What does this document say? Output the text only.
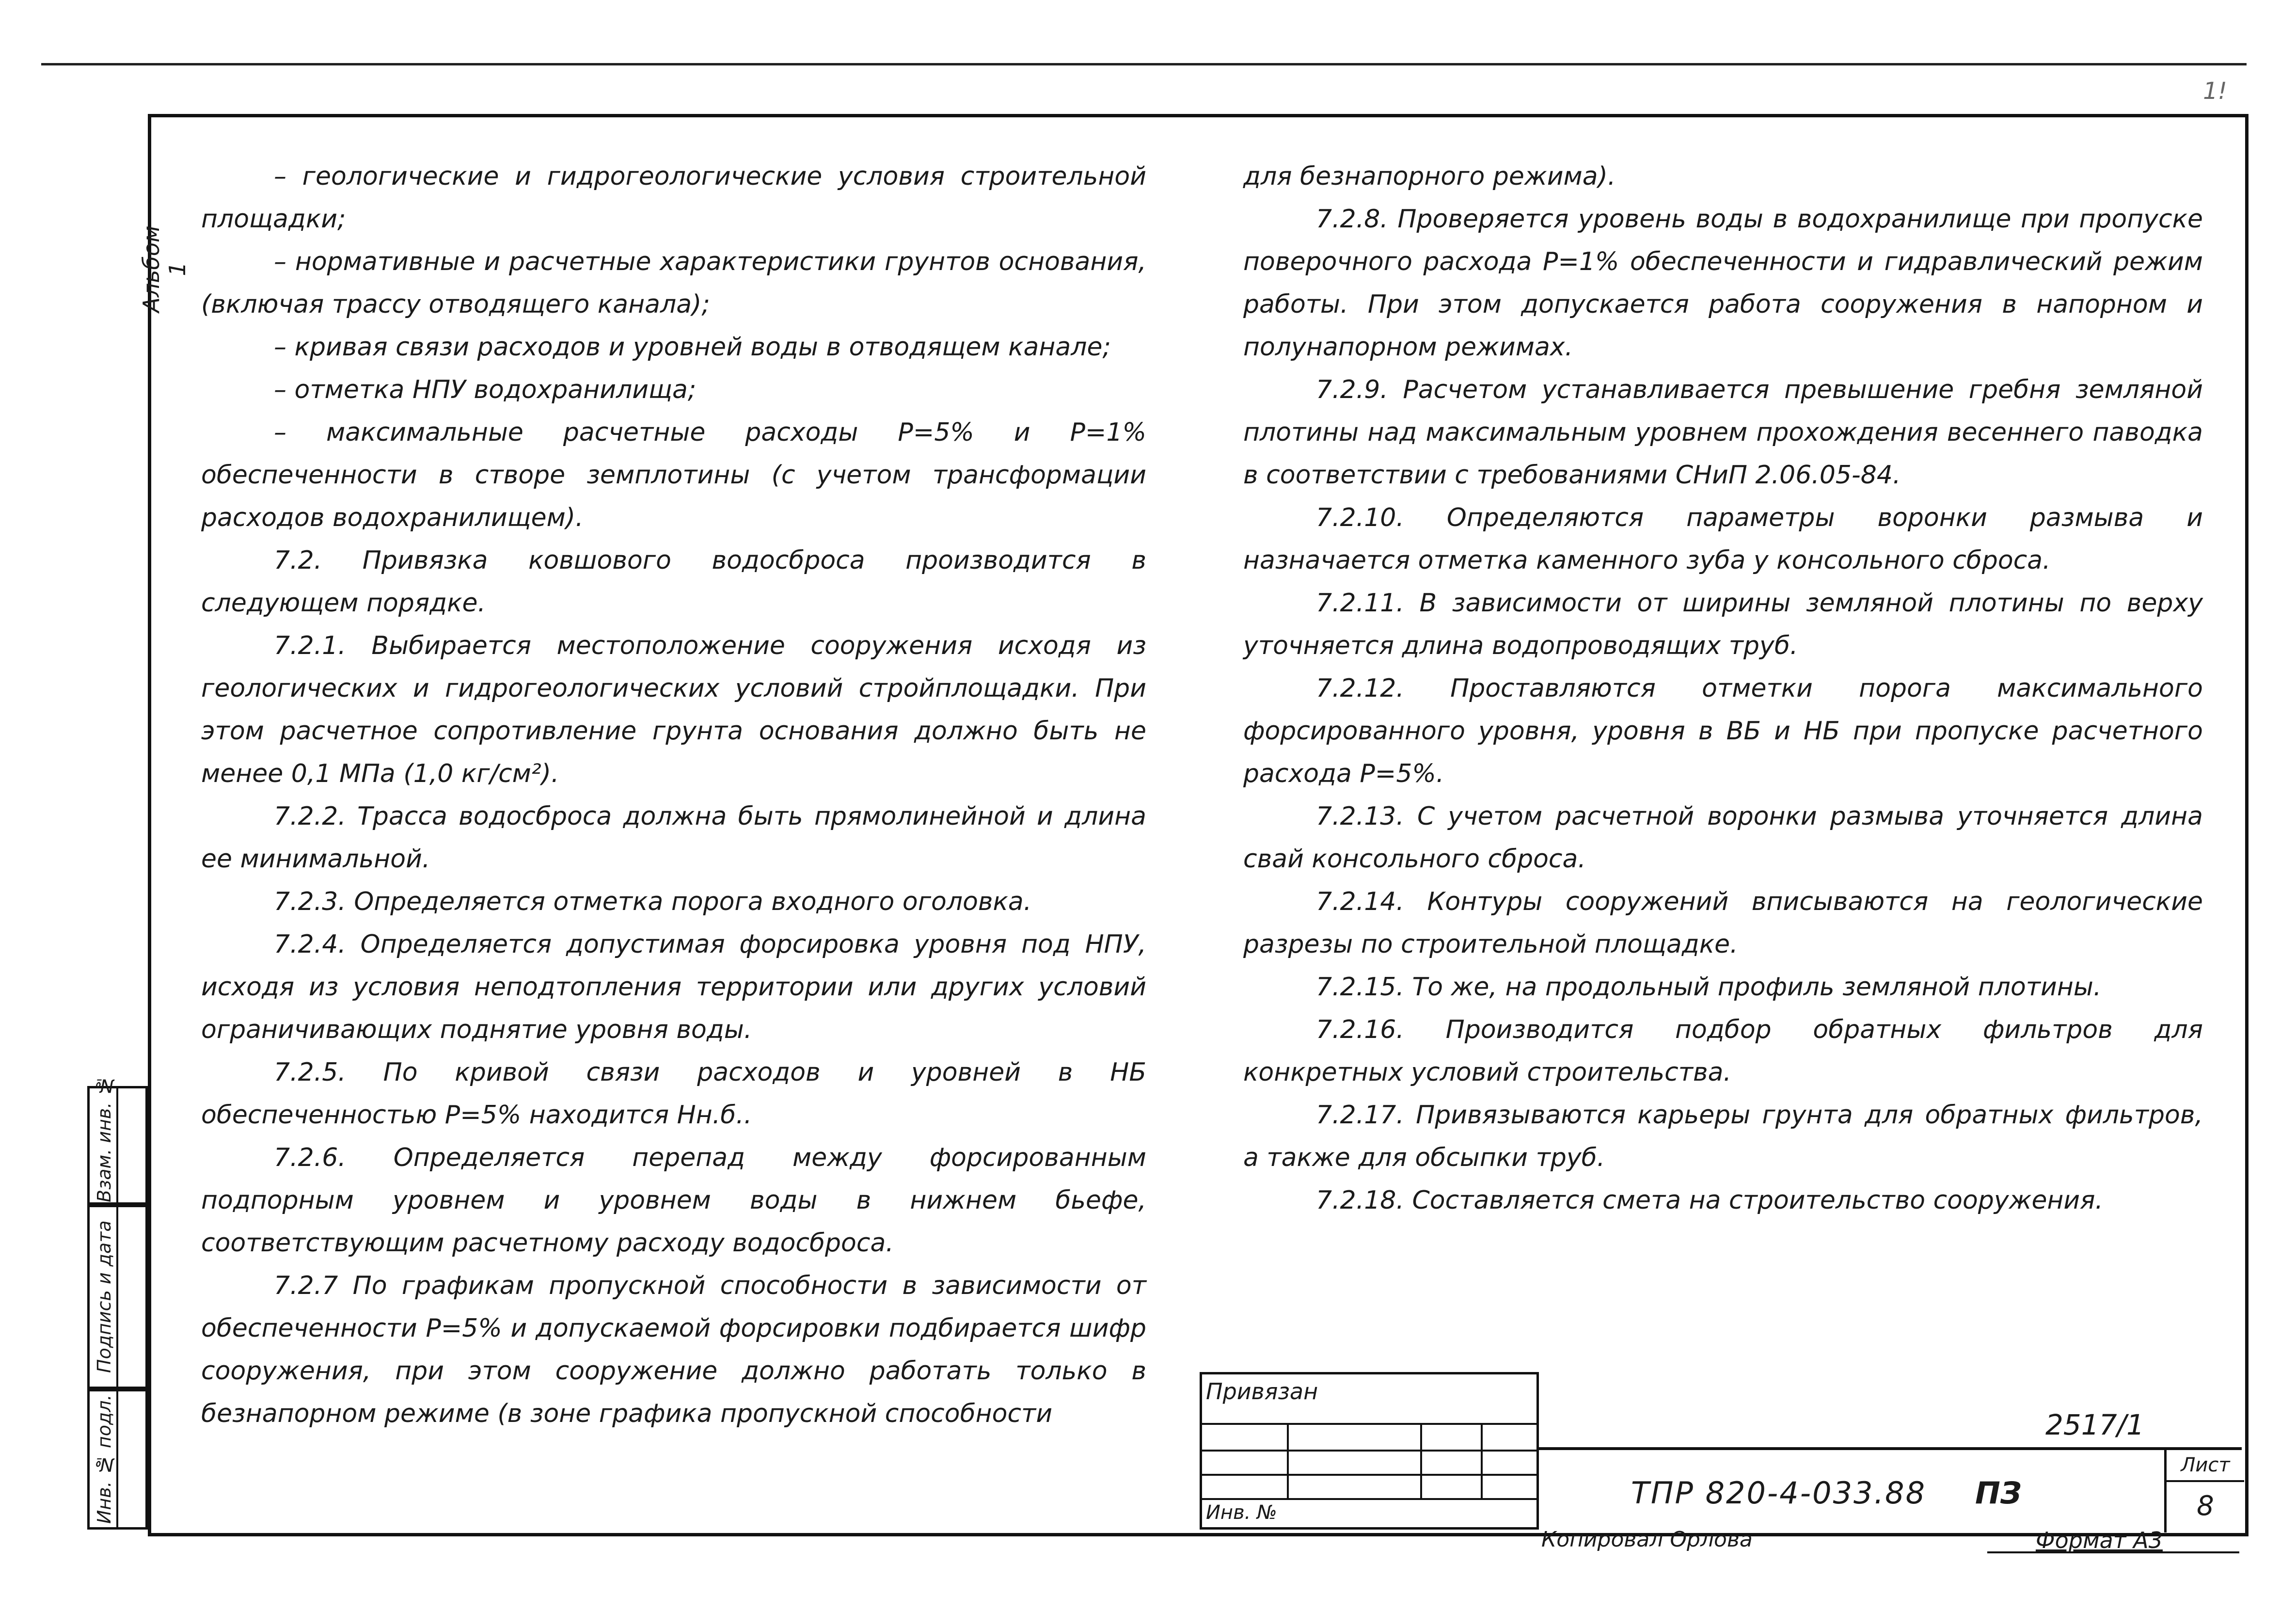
1!
Альбом 1
Взам. инв. №
Подпись и дата
Инв. № подл.

– геологические и гидрогеологические условия строительной площадки;

– нормативные и расчетные характеристики грунтов основания, (включая трассу отводящего канала);

– кривая связи расходов и уровней воды в отводящем канале;

– отметка НПУ водохранилища;

– максимальные расчетные расходы Р=5% и Р=1% обеспеченности в створе земплотины (с учетом трансформации расходов водохранилищем).

7.2. Привязка ковшового водосброса производится в следующем порядке.

7.2.1. Выбирается местоположение сооружения исходя из геологических и гидрогеологических условий стройплощадки. При этом расчетное сопротивление грунта основания должно быть не менее 0,1 МПа (1,0 кг/см²).

7.2.2. Трасса водосброса должна быть прямолинейной и длина ее минимальной.

7.2.3. Определяется отметка порога входного оголовка.

7.2.4. Определяется допустимая форсировка уровня под НПУ, исходя из условия неподтопления территории или других условий ограничивающих поднятие уровня воды.

7.2.5. По кривой связи расходов и уровней в НБ обеспеченностью Р=5% находится Нн.б..

7.2.6. Определяется перепад между форсированным подпорным уровнем и уровнем воды в нижнем бьефе, соответствующим расчетному расходу водосброса.

7.2.7 По графикам пропускной способности в зависимости от обеспеченности Р=5% и допускаемой форсировки подбирается шифр сооружения, при этом сооружение должно работать только в безнапорном режиме (в зоне графика пропускной способности

для безнапорного режима).

7.2.8. Проверяется уровень воды в водохранилище при пропуске поверочного расхода Р=1% обеспеченности и гидравлический режим работы. При этом допускается работа сооружения в напорном и полунапорном режимах.

7.2.9. Расчетом устанавливается превышение гребня земляной плотины над максимальным уровнем прохождения весеннего паводка в соответствии с требованиями СНиП 2.06.05-84.

7.2.10. Определяются параметры воронки размыва и назначается отметка каменного зуба у консольного сброса.

7.2.11. В зависимости от ширины земляной плотины по верху уточняется длина водопроводящих труб.

7.2.12. Проставляются отметки порога максимального форсированного уровня, уровня в ВБ и НБ при пропуске расчетного расхода Р=5%.

7.2.13. С учетом расчетной воронки размыва уточняется длина свай консольного сброса.

7.2.14. Контуры сооружений вписываются на геологические разрезы по строительной площадке.

7.2.15. То же, на продольный профиль земляной плотины.

7.2.16. Производится подбор обратных фильтров для конкретных условий строительства.

7.2.17. Привязываются карьеры грунта для обратных фильтров, а также для обсыпки труб.

7.2.18. Составляется смета на строительство сооружения.

Привязан
Инв. №
2517/1
ТПР 820-4-033.88 ПЗ
Лист
8
Копировал Орлова	Формат А3
